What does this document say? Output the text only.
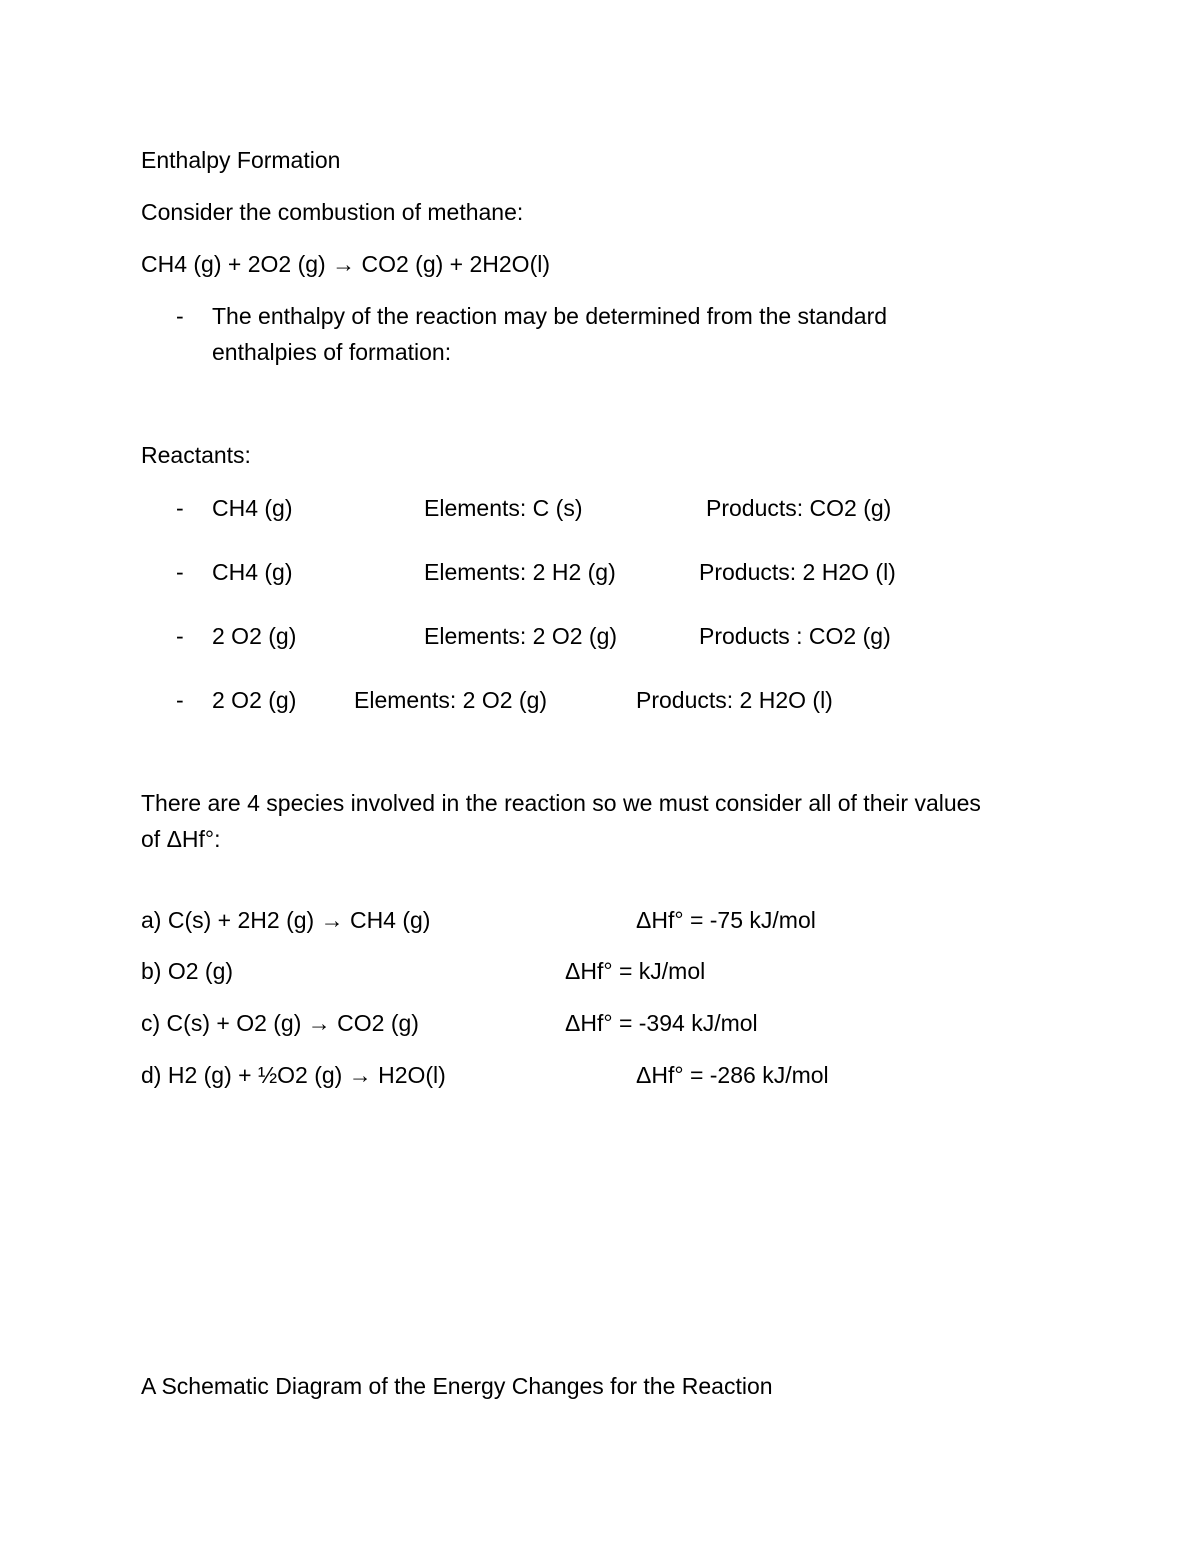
Enthalpy Formation
Consider the combustion of methane:
CH4 (g) + 2O2 (g) → CO2 (g) + 2H2O(l)
- The enthalpy of the reaction may be determined from the standard
enthalpies of formation:
Reactants:
- CH4 (g)	Elements: C (s)	Products: CO2 (g)
- CH4 (g)	Elements: 2 H2 (g)	Products: 2 H2O (l)
- 2 O2 (g)	Elements: 2 O2 (g)	Products : CO2 (g)
- 2 O2 (g)	Elements: 2 O2 (g)	Products: 2 H2O (l)
There are 4 species involved in the reaction so we must consider all of their values
of ΔHf°:
a) C(s) + 2H2 (g) → CH4 (g)	ΔHf° = -75 kJ/mol
b) O2 (g)	ΔHf° = kJ/mol
c) C(s) + O2 (g) → CO2 (g)	ΔHf° = -394 kJ/mol
d) H2 (g) + ½O2 (g) → H2O(l)	ΔHf° = -286 kJ/mol
A Schematic Diagram of the Energy Changes for the Reaction
